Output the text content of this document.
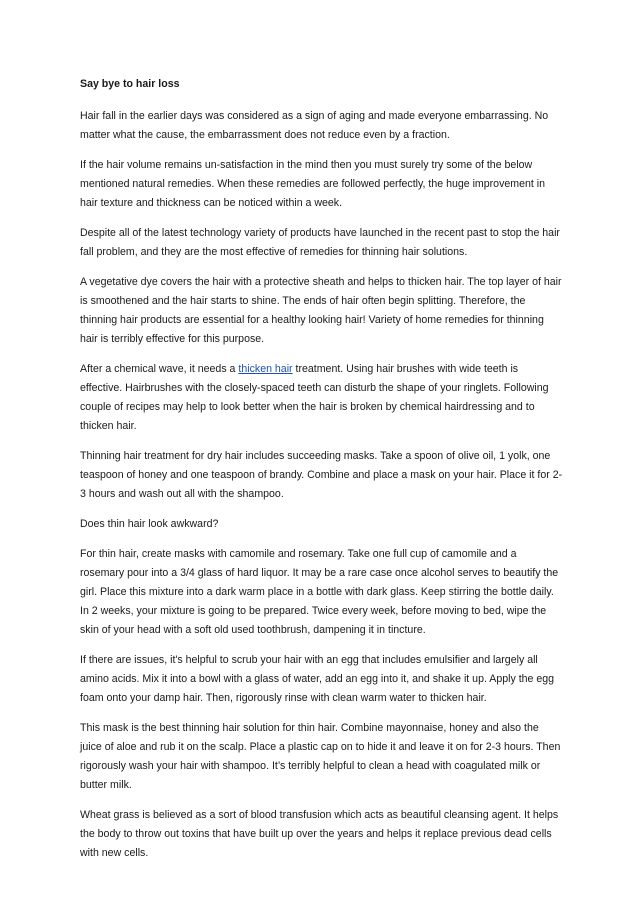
Say bye to hair loss

Hair fall in the earlier days was considered as a sign of aging and made everyone embarrassing. No matter what the cause, the embarrassment does not reduce even by a fraction.

If the hair volume remains un-satisfaction in the mind then you must surely try some of the below mentioned natural remedies. When these remedies are followed perfectly, the huge improvement in hair texture and thickness can be noticed within a week.

Despite all of the latest technology variety of products have launched in the recent past to stop the hair fall problem, and they are the most effective of remedies for thinning hair solutions.

A vegetative dye covers the hair with a protective sheath and helps to thicken hair. The top layer of hair is smoothened and the hair starts to shine. The ends of hair often begin splitting. Therefore, the thinning hair products are essential for a healthy looking hair! Variety of home remedies for thinning hair is terribly effective for this purpose.

After a chemical wave, it needs a thicken hair treatment. Using hair brushes with wide teeth is effective. Hairbrushes with the closely-spaced teeth can disturb the shape of your ringlets. Following couple of recipes may help to look better when the hair is broken by chemical hairdressing and to thicken hair.

Thinning hair treatment for dry hair includes succeeding masks. Take a spoon of olive oil, 1 yolk, one teaspoon of honey and one teaspoon of brandy. Combine and place a mask on your hair. Place it for 2-3 hours and wash out all with the shampoo.

Does thin hair look awkward?

For thin hair, create masks with camomile and rosemary. Take one full cup of camomile and a rosemary pour into a 3/4 glass of hard liquor. It may be a rare case once alcohol serves to beautify the girl. Place this mixture into a dark warm place in a bottle with dark glass. Keep stirring the bottle daily. In 2 weeks, your mixture is going to be prepared. Twice every week, before moving to bed, wipe the skin of your head with a soft old used toothbrush, dampening it in tincture.

If there are issues, it's helpful to scrub your hair with an egg that includes emulsifier and largely all amino acids. Mix it into a bowl with a glass of water, add an egg into it, and shake it up. Apply the egg foam onto your damp hair. Then, rigorously rinse with clean warm water to thicken hair.

This mask is the best thinning hair solution for thin hair. Combine mayonnaise, honey and also the juice of aloe and rub it on the scalp. Place a plastic cap on to hide it and leave it on for 2-3 hours. Then rigorously wash your hair with shampoo. It’s terribly helpful to clean a head with coagulated milk or butter milk.

Wheat grass is believed as a sort of blood transfusion which acts as beautiful cleansing agent. It helps the body to throw out toxins that have built up over the years and helps it replace previous dead cells with new cells.
